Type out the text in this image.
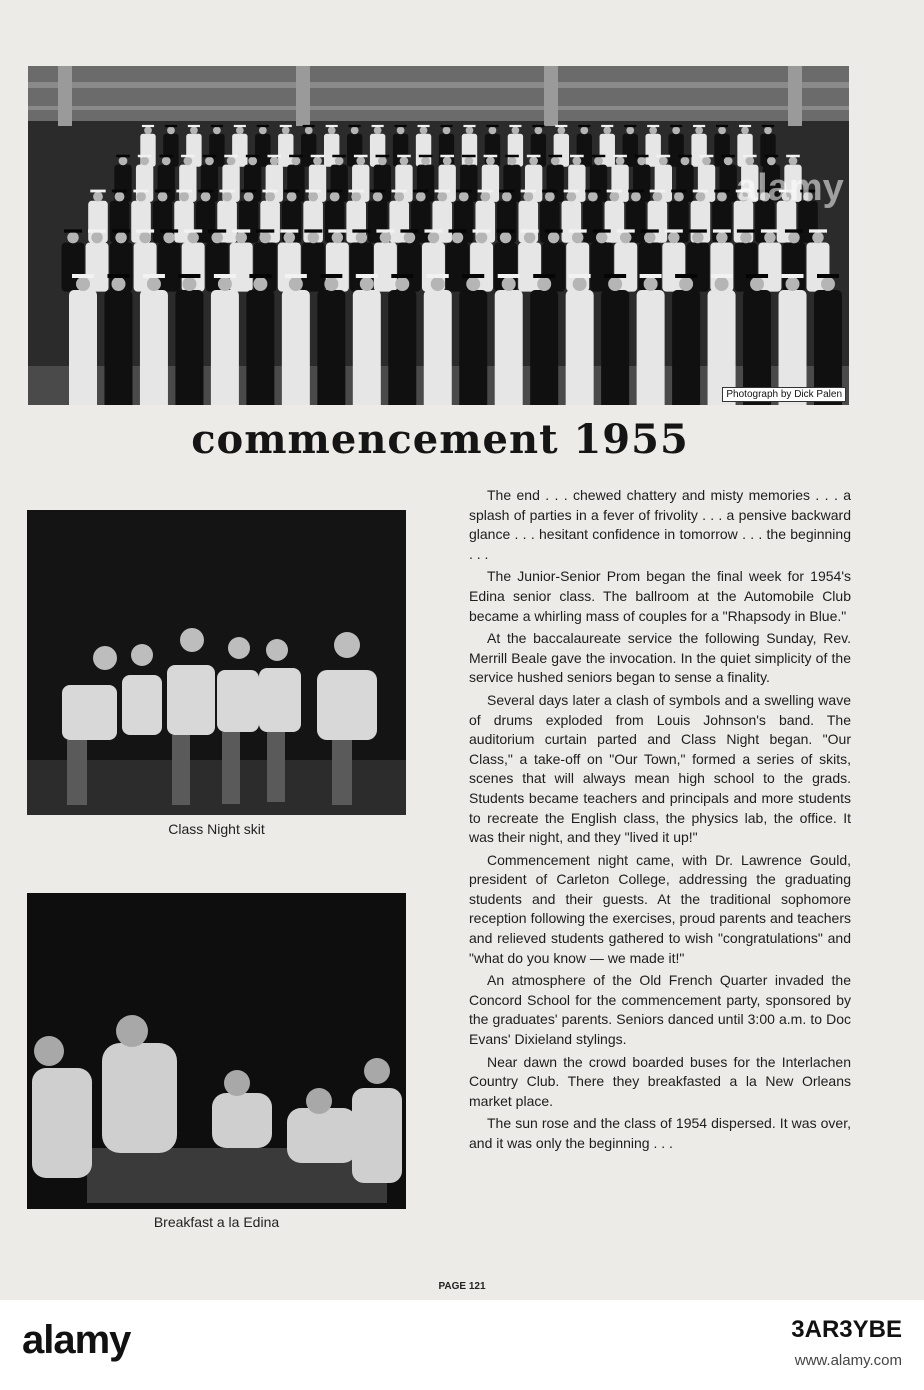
alamy
Photograph by Dick Palen
commencement 1955
Class Night skit
Breakfast a la Edina

The end . . . chewed chattery and misty memories . . . a splash of parties in a fever of frivolity . . . a pensive backward glance . . . hesitant confidence in tomorrow . . . the beginning . . .

The Junior-Senior Prom began the final week for 1954's Edina senior class. The ballroom at the Automobile Club became a whirling mass of couples for a "Rhapsody in Blue."

At the baccalaureate service the following Sunday, Rev. Merrill Beale gave the invocation. In the quiet simplicity of the service hushed seniors began to sense a finality.

Several days later a clash of symbols and a swelling wave of drums exploded from Louis Johnson's band. The auditorium curtain parted and Class Night began. "Our Class," a take-off on "Our Town," formed a series of skits, scenes that will always mean high school to the grads. Students became teachers and principals and more students to recreate the English class, the physics lab, the office. It was their night, and they "lived it up!"

Commencement night came, with Dr. Lawrence Gould, president of Carleton College, addressing the graduating students and their guests. At the traditional sophomore reception following the exercises, proud parents and teachers and relieved students gathered to wish "congratulations" and "what do you know — we made it!"

An atmosphere of the Old French Quarter invaded the Concord School for the commencement party, sponsored by the graduates' parents. Seniors danced until 3:00 a.m. to Doc Evans' Dixieland stylings.

Near dawn the crowd boarded buses for the Interlachen Country Club. There they breakfasted a la New Orleans market place.

The sun rose and the class of 1954 dispersed. It was over, and it was only the beginning . . .

PAGE 121
alamy	3AR3YBE
www.alamy.com
